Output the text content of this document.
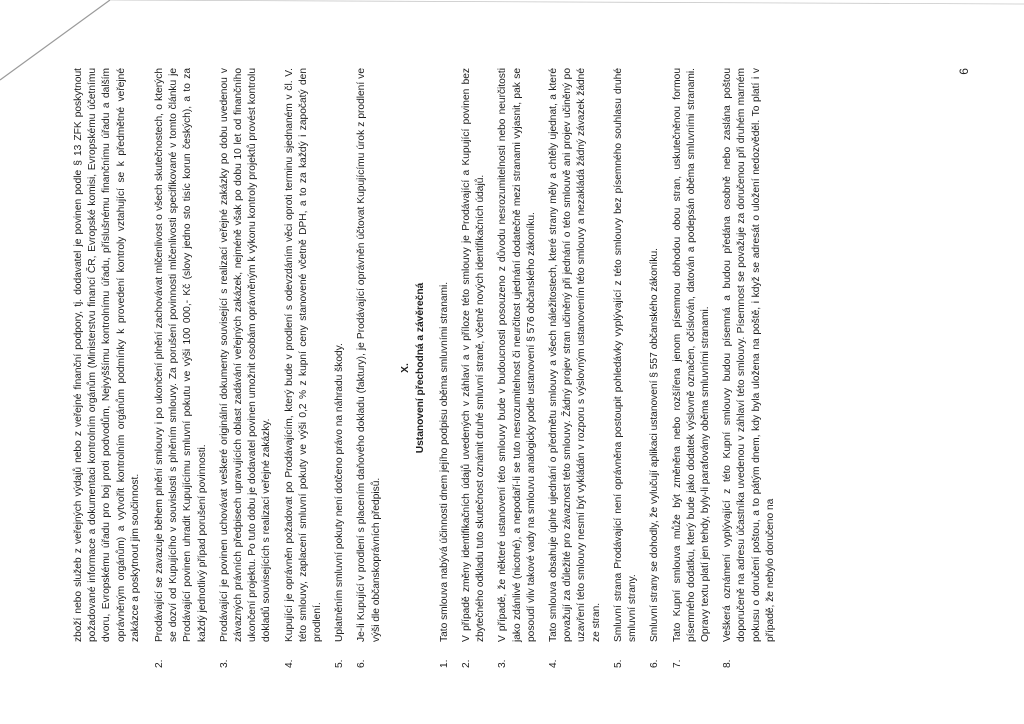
zboží nebo služeb z veřejných výdajů nebo z veřejné finanční podpory, tj. dodavatel je povinen podle § 13 ZFK poskytnout požadované informace a dokumentaci kontrolním orgánům (Ministerstvu financí ČR, Evropské komisi, Evropskému účetnímu dvoru, Evropskému úřadu pro boj proti podvodům, Nejvyššímu kontrolnímu úřadu, příslušnému finančnímu úřadu a dalším oprávněným orgánům) a vytvořit kontrolním orgánům podmínky k provedení kontroly vztahující se k předmětné veřejné zakázce a poskytnout jim součinnost.
2.
Prodávající se zavazuje během plnění smlouvy i po ukončení plnění zachovávat mlčenlivost o všech skutečnostech, o kterých se dozví od Kupujícího v souvislosti s plněním smlouvy. Za porušení povinnosti mlčenlivosti specifikované v tomto článku je Prodávající povinen uhradit Kupujícímu smluvní pokutu ve výši 100 000,- Kč (slovy jedno sto tisíc korun českých), a to za každý jednotlivý případ porušení povinnosti.
3.
Prodávající je povinen uchovávat veškeré originální dokumenty související s realizací veřejné zakázky po dobu uvedenou v závazných právních předpisech upravujících oblast zadávání veřejných zakázek, nejméně však po dobu 10 let od finančního ukončení projektu. Po tuto dobu je dodavatel povinen umožnit osobám oprávněným k výkonu kontroly projektů provést kontrolu dokladů souvisejících s realizací veřejné zakázky.
4.
Kupující je oprávněn požadovat po Prodávajícím, který bude v prodlení s odevzdáním věci oproti terminu sjednaném v čl. V. této smlouvy, zaplacení smluvní pokuty ve výši 0,2 % z kupní ceny stanovené včetně DPH, a to za každý i započatý den prodlení.
5.
Uplatněním smluvní pokuty není dotčeno právo na náhradu škody.
6.
Je-li Kupující v prodlení s placením daňového dokladu (faktury), je Prodávající oprávněn účtovat Kupujícímu úrok z prodlení ve výši dle občanskoprávních předpisů.
X. Ustanovení přechodná a závěrečná
1.
Tato smlouva nabývá účinnosti dnem jejího podpisu oběma smluvními stranami.
2.
V případě změny identifikačních údajů uvedených v záhlaví a v příloze této smlouvy je Prodávající a Kupující povinen bez zbytečného odkladu tuto skutečnost oznámit druhé smluvní straně, včetně nových identifikačních údajů.
3.
V případě, že některé ustanovení této smlouvy bude v budoucnosti posouzeno z důvodu nesrozumitelnosti nebo neurčitosti jako zdánlivé (nicotné), a nepodaří-li se tuto nesrozumitelnost či neurčitost ujednání dodatečně mezi stranami vyjasnit, pak se posoudí vliv takové vady na smlouvu analogicky podle ustanovení § 576 občanského zákoníku.
4.
Tato smlouva obsahuje úplné ujednání o předmětu smlouvy a všech náležitostech, které strany měly a chtěly ujednat, a které považují za důležité pro závaznost této smlouvy. Žádný projev stran učiněný při jednání o této smlouvě ani projev učiněný po uzavření této smlouvy nesmí být vykládán v rozporu s výslovným ustanovením této smlouvy a nezakládá žádný závazek žádné ze stran.
5.
Smluvní strana Prodávající není oprávněna postoupit pohledávky vyplývající z této smlouvy bez písemného souhlasu druhé smluvní strany.
6.
Smluvní strany se dohodly, že vylučují aplikaci ustanovení § 557 občanského zákoníku.
7.
Tato Kupní smlouva může být změněna nebo rozšířena jenom písemnou dohodou obou stran, uskutečněnou formou písemného dodatku, který bude jako dodatek výslovně označen, očíslován, datován a podepsán oběma smluvními stranami. Opravy textu platí jen tehdy, byly-li parafovány oběma smluvními stranami.
8.
Veškerá oznámení vyplývající z této Kupní smlouvy budou písemná a budou předána osobně nebo zaslána poštou doporučeně na adresu účastníka uvedenou v záhlaví této smlouvy. Písemnost se považuje za doručenou při druhém marném pokusu o doručení poštou, a to pátým dnem, kdy byla uložena na poště, i když se adresát o uložení nedozvěděl. To platí i v případě, že nebylo doručeno na
6
